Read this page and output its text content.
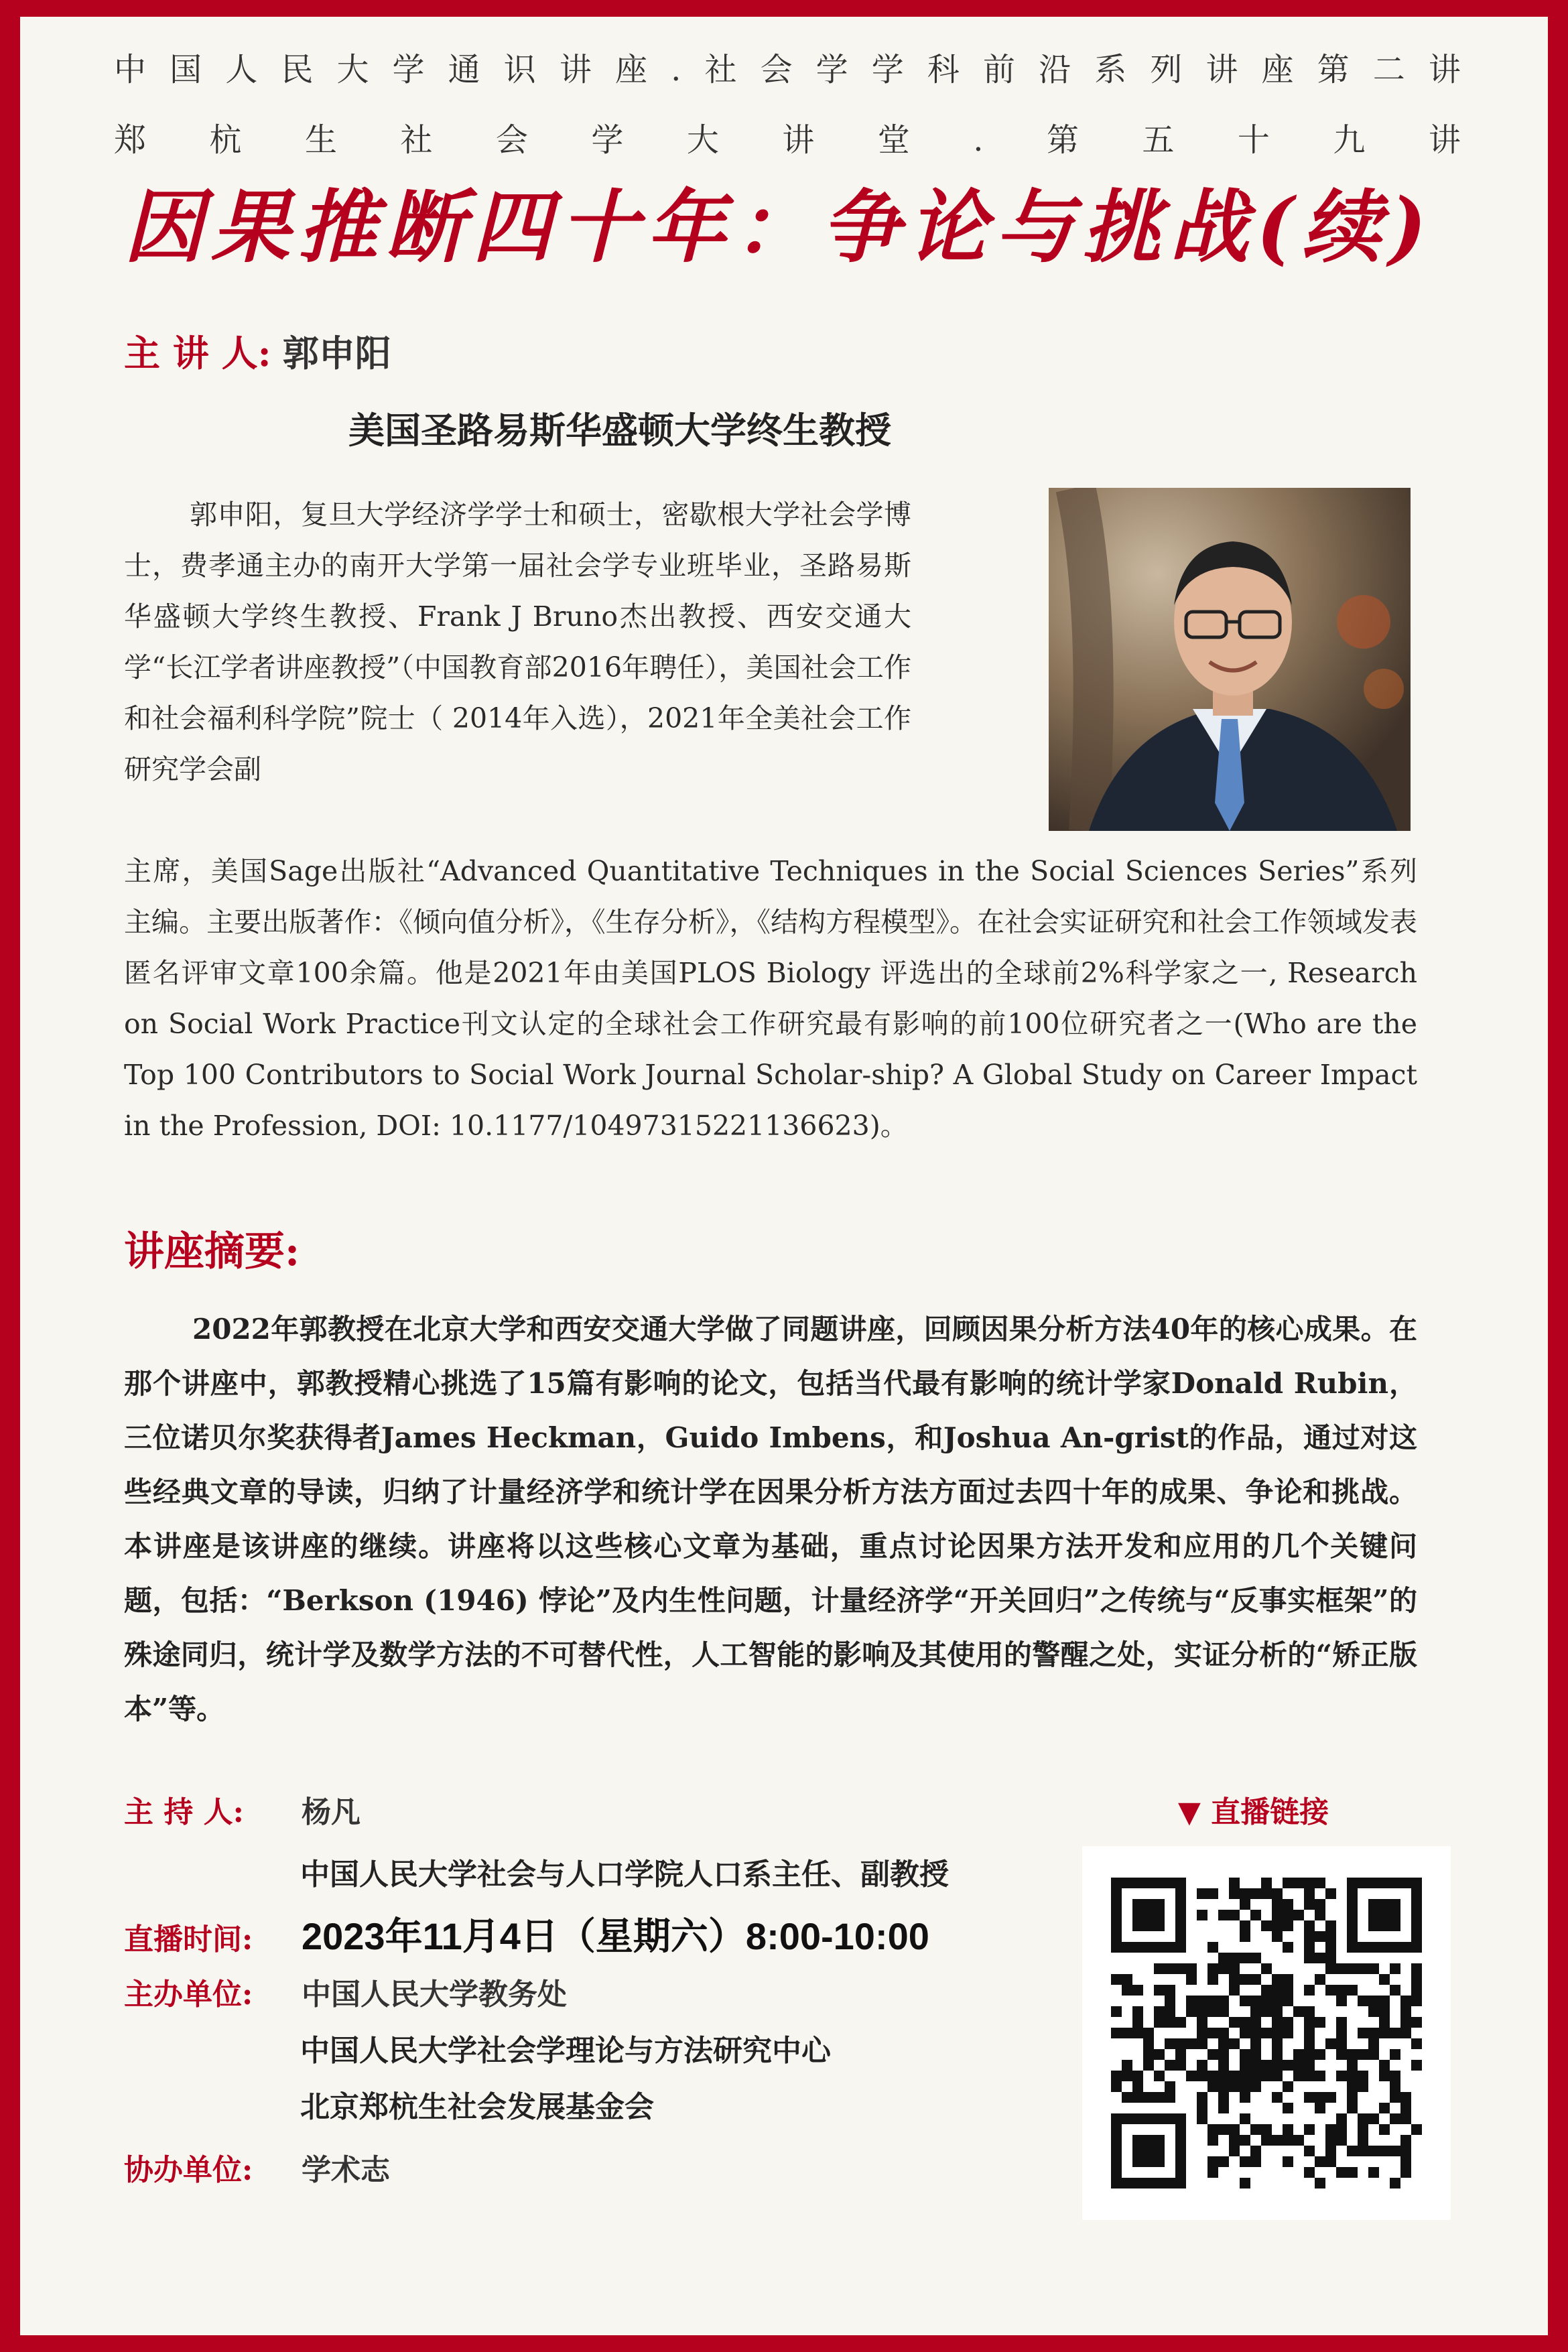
中 国 人 民 大 学 通 识 讲 座 . 社 会 学 学 科 前 沿 系 列 讲 座 第 二 讲
郑 杭 生 社 会 学 大 讲 堂 . 第 五 十 九 讲
因果推断四十年：争论与挑战(续)
主 讲 人: 郭申阳
美国圣路易斯华盛顿大学终生教授
郭申阳，复旦大学经济学学士和硕士，密歇根大学社会学博士，费孝通主办的南开大学第一届社会学专业班毕业，圣路易斯华盛顿大学终生教授、Frank J Bruno杰出教授、西安交通大学“长江学者讲座教授”（中国教育部2016年聘任），美国社会工作和社会福利科学院”院士（ 2014年入选），2021年全美社会工作研究学会副
主席，美国Sage出版社“Advanced Quantitative Techniques in the Social Sciences Series”系列主编。主要出版著作：《倾向值分析》，《生存分析》，《结构方程模型》。在社会实证研究和社会工作领域发表匿名评审文章100余篇。他是2021年由美国PLOS Biology 评选出的全球前2%科学家之一, Research on Social Work Practice刊文认定的全球社会工作研究最有影响的前100位研究者之一(Who are the Top 100 Contributors to Social Work Journal Scholar-ship? A Global Study on Career Impact in the Profession, DOI: 10.1177/10497315221136623)。
讲座摘要:
2022年郭教授在北京大学和西安交通大学做了同题讲座，回顾因果分析方法40年的核心成果。在那个讲座中，郭教授精心挑选了15篇有影响的论文，包括当代最有影响的统计学家Donald Rubin，三位诺贝尔奖获得者James Heckman，Guido Imbens，和Joshua An-grist的作品，通过对这些经典文章的导读，归纳了计量经济学和统计学在因果分析方法方面过去四十年的成果、争论和挑战。本讲座是该讲座的继续。讲座将以这些核心文章为基础，重点讨论因果方法开发和应用的几个关键问题，包括：“Berkson (1946) 悖论”及内生性问题，计量经济学“开关回归”之传统与“反事实框架”的殊途同归，统计学及数学方法的不可替代性，人工智能的影响及其使用的警醒之处，实证分析的“矫正版本”等。
主 持 人: 杨凡
中国人民大学社会与人口学院人口系主任、副教授
直播时间: 2023年11月4日（星期六）8:00-10:00
主办单位: 中国人民大学教务处
中国人民大学社会学理论与方法研究中心
北京郑杭生社会发展基金会
协办单位: 学术志
▼ 直播链接
